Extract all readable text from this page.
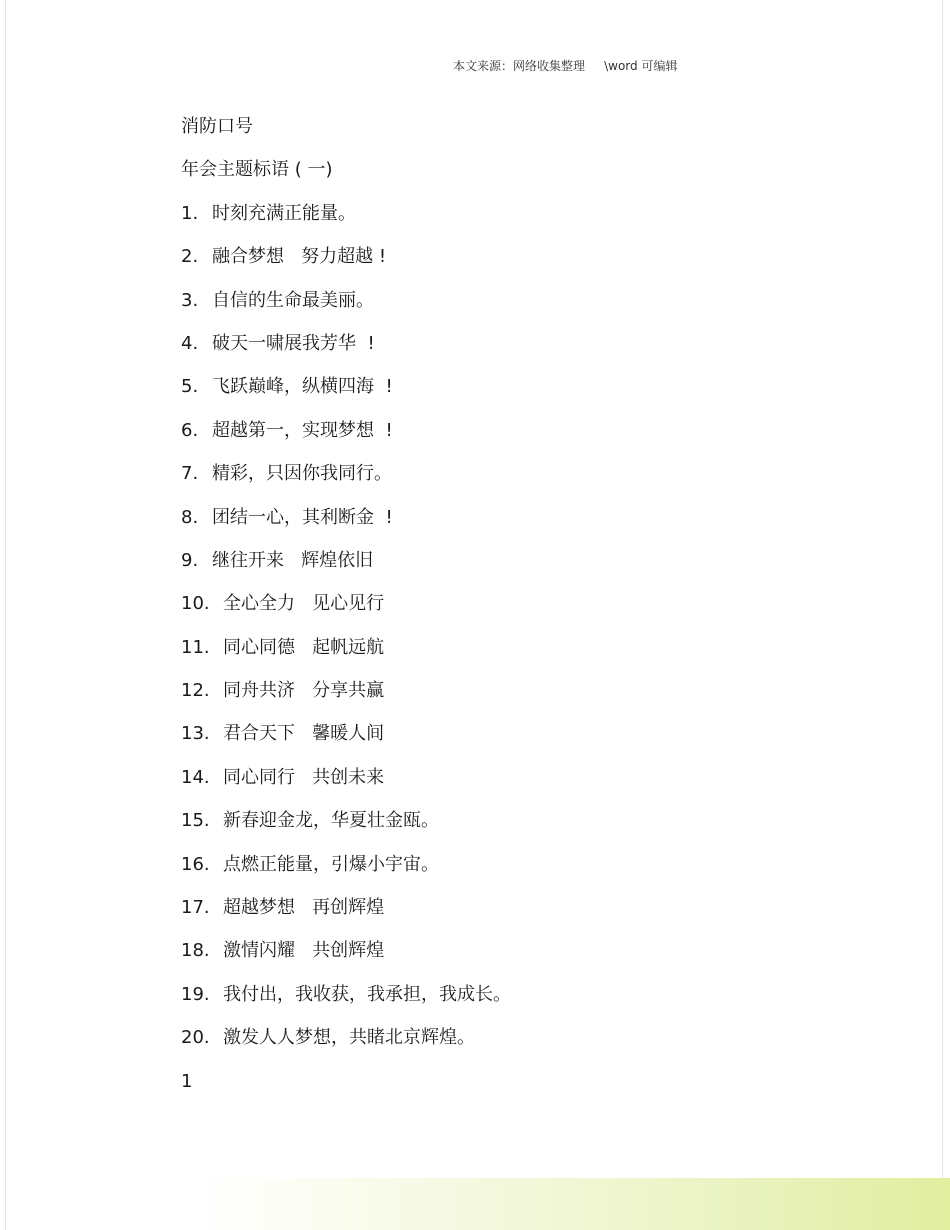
本文来源：网络收集整理 \word 可编辑
消防口号
年会主题标语 ( 一)
1. 时刻充满正能量。
2. 融合梦想   努力超越 !
3. 自信的生命最美丽。
4. 破天一啸展我芳华  !
5. 飞跃巅峰，纵横四海  !
6. 超越第一，实现梦想  !
7. 精彩，只因你我同行。
8. 团结一心，其利断金  !
9. 继往开来   辉煌依旧
10. 全心全力   见心见行
11. 同心同德   起帆远航
12. 同舟共济   分享共赢
13. 君合天下   馨暖人间
14. 同心同行   共创未来
15. 新春迎金龙，华夏壮金瓯。
16. 点燃正能量，引爆小宇宙。
17. 超越梦想   再创辉煌
18. 激情闪耀   共创辉煌
19. 我付出，我收获，我承担，我成长。
20. 激发人人梦想，共睹北京辉煌。
1
